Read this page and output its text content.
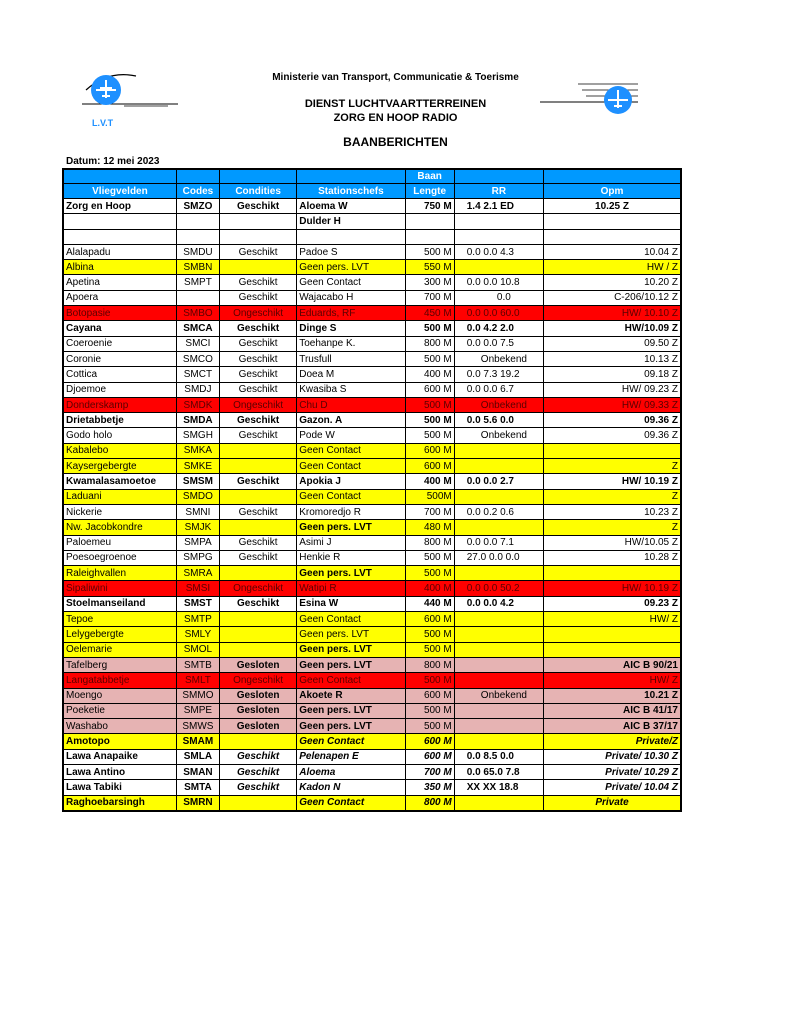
L.V.T
Ministerie van Transport, Communicatie & Toerisme
DIENST LUCHTVAARTTERREINEN
ZORG EN HOOP RADIO
BAANBERICHTEN
Datum: 12 mei 2023
				Baan		
Vliegvelden	Codes	Condities	Stationschefs	Lengte	RR	Opm
Zorg en Hoop	SMZO	Geschikt	Aloema W	750 M	1.4 2.1 ED	10.25 Z
			Dulder H			

Alalapadu	SMDU	Geschikt	Padoe S	500 M	0.0 0.0 4.3	10.04 Z
Albina	SMBN		Geen pers. LVT	550 M		HW / Z
Apetina	SMPT	Geschikt	Geen Contact	300 M	0.0 0.0 10.8	10.20 Z
Apoera		Geschikt	Wajacabo H	700 M	0.0	C-206/10.12 Z
Botopasie	SMBO	Ongeschikt	Eduards, RF	450 M	0.0 0.0 60.0	HW/ 10.10 Z
Cayana	SMCA	Geschikt	Dinge S	500 M	0.0 4.2 2.0	HW/10.09 Z
Coeroenie	SMCI	Geschikt	Toehanpe K.	800 M	0.0 0.0 7.5	09.50 Z
Coronie	SMCO	Geschikt	Trusfull	500 M	Onbekend	10.13 Z
Cottica	SMCT	Geschikt	Doea M	400 M	0.0 7.3 19.2	09.18 Z
Djoemoe	SMDJ	Geschikt	Kwasiba S	600 M	0.0 0.0 6.7	HW/ 09.23 Z
Donderskamp	SMDK	Ongeschikt	Chu D	500 M	Onbekend	HW/ 09.33 Z
Drietabbetje	SMDA	Geschikt	Gazon. A	500 M	0.0 5.6 0.0	09.36 Z
Godo holo	SMGH	Geschikt	Pode W	500 M	Onbekend	09.36 Z
Kabalebo	SMKA		Geen Contact	600 M		
Kaysergebergte	SMKE		Geen Contact	600 M		Z
Kwamalasamoetoe	SMSM	Geschikt	Apokia J	400 M	0.0 0.0 2.7	HW/ 10.19 Z
Laduani	SMDO		Geen Contact	500M		Z
Nickerie	SMNI	Geschikt	Kromoredjo R	700 M	0.0 0.2 0.6	10.23 Z
Nw. Jacobkondre	SMJK		Geen pers. LVT	480 M		Z
Paloemeu	SMPA	Geschikt	Asimi J	800 M	0.0 0.0 7.1	HW/10.05 Z
Poesoegroenoe	SMPG	Geschikt	Henkie R	500 M	27.0 0.0 0.0	10.28 Z
Raleighvallen	SMRA		Geen pers. LVT	500 M		
Sipaliwini	SMSI	Ongeschikt	Watipi R	400 M	0.0 0.0 50.2	HW/ 10.19 Z
Stoelmanseiland	SMST	Geschikt	Esina W	440 M	0.0 0.0 4.2	09.23 Z
Tepoe	SMTP		Geen Contact	600 M		HW/ Z
Lelygebergte	SMLY		Geen pers. LVT	500 M		
Oelemarie	SMOL		Geen pers. LVT	500 M		
Tafelberg	SMTB	Gesloten	Geen pers. LVT	800 M		AIC B 90/21
Langatabbetje	SMLT	Ongeschikt	Geen Contact	500 M		HW/ Z
Moengo	SMMO	Gesloten	Akoete R	600 M	Onbekend	10.21 Z
Poeketie	SMPE	Gesloten	Geen pers. LVT	500 M		AIC B 41/17
Washabo	SMWS	Gesloten	Geen pers. LVT	500 M		AIC B 37/17
Amotopo	SMAM		Geen Contact	600 M		Private/Z
Lawa Anapaike	SMLA	Geschikt	Pelenapen E	600 M	0.0 8.5 0.0	Private/ 10.30 Z
Lawa Antino	SMAN	Geschikt	Aloema	700 M	0.0 65.0 7.8	Private/ 10.29 Z
Lawa Tabiki	SMTA	Geschikt	Kadon N	350 M	XX XX 18.8	Private/ 10.04 Z
Raghoebarsingh	SMRN		Geen Contact	800 M		Private
